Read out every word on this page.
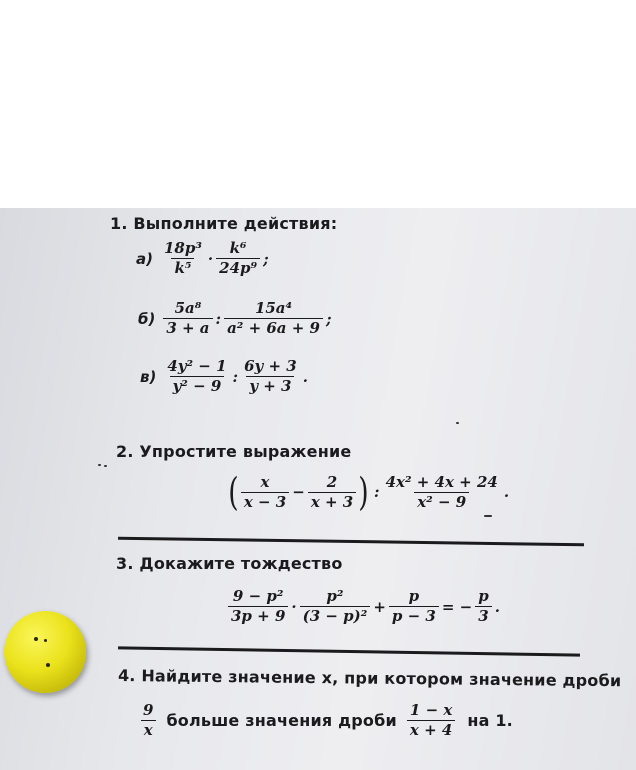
1. Выполните действия:
$а) \frac{\text{18p³}}{\text{k⁵}} \cdot \frac{\text{k⁶}}{\text{24p⁹}}$ ;
$б) \frac{\text{5a⁸}}{3 + a}$ : $\frac{\text{15a⁴}}{\text{a² + 6a + 9}}$ ;
$в) \frac{\text{4y² − 1}}{\text{y² − 9}}$ : $\frac{6y + 3}{y + 3}$ .
2. Упростите выражение
( $\frac{x}{x - 3} - \frac{2}{x + 3}$ ) : $\frac{\text{4x² + 4x + 24}}{\text{x² − 9}}$ .
3. Докажите тождество
$\frac{\text{9 − p²}}{3p + 9} \cdot \frac{\text{p²}}{\text{(3 − p)²}} + \frac{p}{p - 3}$ = − $\frac{p}{3}$ .
4. Найдите значение x, при котором значение дроби
$\frac{9}{x}$ больше значения дроби $\frac{1 - x}{x + 4}$ на 1.
